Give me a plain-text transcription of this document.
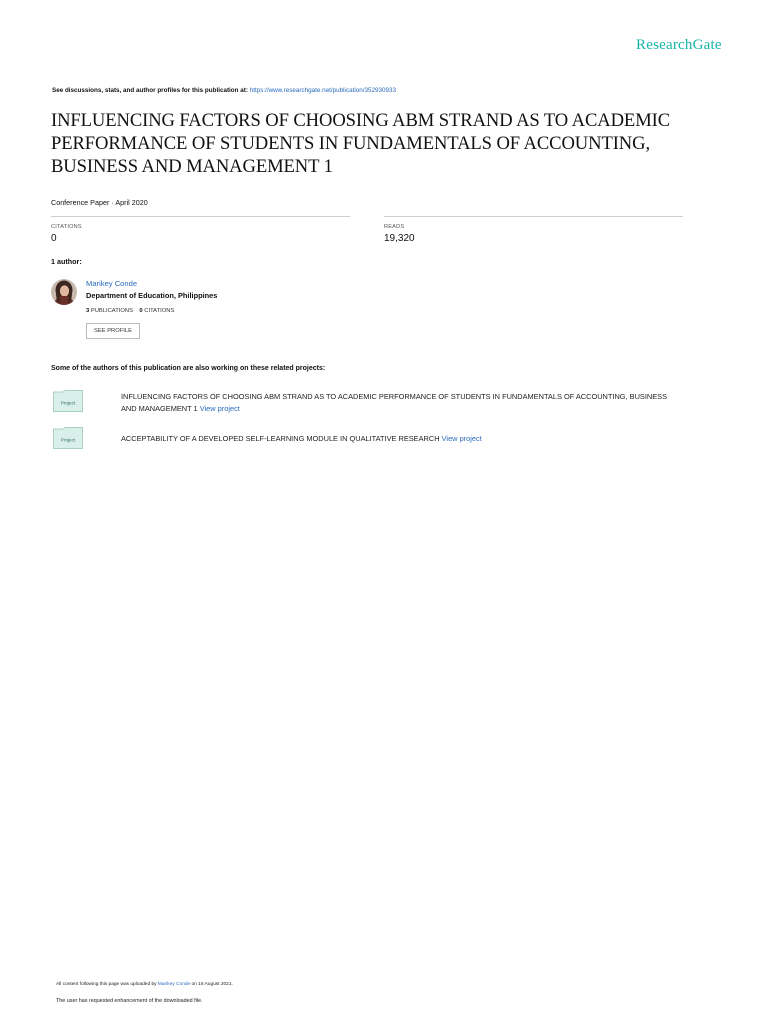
ResearchGate
See discussions, stats, and author profiles for this publication at: https://www.researchgate.net/publication/352930933
INFLUENCING FACTORS OF CHOOSING ABM STRAND AS TO ACADEMIC PERFORMANCE OF STUDENTS IN FUNDAMENTALS OF ACCOUNTING, BUSINESS AND MANAGEMENT 1
Conference Paper · April 2020
CITATIONS
0
READS
19,320
1 author:
Marikey Conde
Department of Education, Philippines
3 PUBLICATIONS 0 CITATIONS
SEE PROFILE
Some of the authors of this publication are also working on these related projects:
Project
INFLUENCING FACTORS OF CHOOSING ABM STRAND AS TO ACADEMIC PERFORMANCE OF STUDENTS IN FUNDAMENTALS OF ACCOUNTING, BUSINESS AND MANAGEMENT 1 View project
Project	ACCEPTABILITY OF A DEVELOPED SELF-LEARNING MODULE IN QUALITATIVE RESEARCH View project
All content following this page was uploaded by Marikey Conde on 16 August 2021.
The user has requested enhancement of the downloaded file.
